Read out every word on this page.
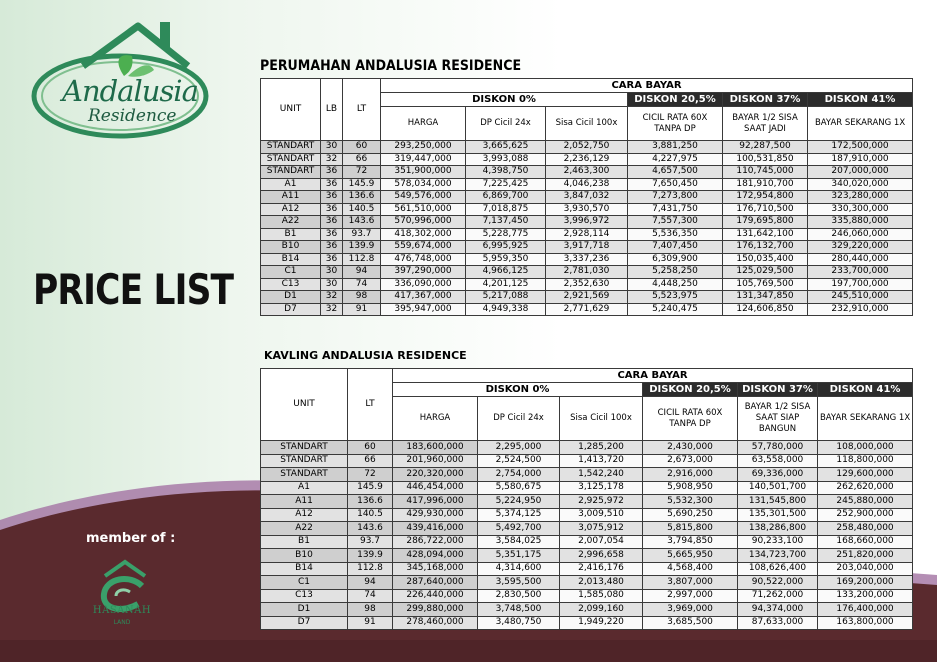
Andalusia
Residence
PRICE LIST
member of :
HASANAH
LAND
PERUMAHAN ANDALUSIA RESIDENCE
UNIT	LB	LT	CARA BAYAR					
			DISKON 0%			DISKON 20,5%	DISKON 37%	DISKON 41%
			HARGA	DP Cicil 24x	Sisa Cicil 100x	CICIL RATA 60X TANPA DP	BAYAR 1/2 SISA SAAT JADI	BAYAR SEKARANG 1X
STANDART	30	60	293,250,000	3,665,625	2,052,750	3,881,250	92,287,500	172,500,000
STANDART	32	66	319,447,000	3,993,088	2,236,129	4,227,975	100,531,850	187,910,000
STANDART	36	72	351,900,000	4,398,750	2,463,300	4,657,500	110,745,000	207,000,000
A1	36	145.9	578,034,000	7,225,425	4,046,238	7,650,450	181,910,700	340,020,000
A11	36	136.6	549,576,000	6,869,700	3,847,032	7,273,800	172,954,800	323,280,000
A12	36	140.5	561,510,000	7,018,875	3,930,570	7,431,750	176,710,500	330,300,000
A22	36	143.6	570,996,000	7,137,450	3,996,972	7,557,300	179,695,800	335,880,000
B1	36	93.7	418,302,000	5,228,775	2,928,114	5,536,350	131,642,100	246,060,000
B10	36	139.9	559,674,000	6,995,925	3,917,718	7,407,450	176,132,700	329,220,000
B14	36	112.8	476,748,000	5,959,350	3,337,236	6,309,900	150,035,400	280,440,000
C1	30	94	397,290,000	4,966,125	2,781,030	5,258,250	125,029,500	233,700,000
C13	30	74	336,090,000	4,201,125	2,352,630	4,448,250	105,769,500	197,700,000
D1	32	98	417,367,000	5,217,088	2,921,569	5,523,975	131,347,850	245,510,000
D7	32	91	395,947,000	4,949,338	2,771,629	5,240,475	124,606,850	232,910,000
KAVLING ANDALUSIA RESIDENCE
UNIT	LT	CARA BAYAR					
		DISKON 0%			DISKON 20,5%	DISKON 37%	DISKON 41%
		HARGA	DP Cicil 24x	Sisa Cicil 100x	CICIL RATA 60X TANPA DP	BAYAR 1/2 SISA SAAT SIAP BANGUN	BAYAR SEKARANG 1X
STANDART	60	183,600,000	2,295,000	1,285,200	2,430,000	57,780,000	108,000,000
STANDART	66	201,960,000	2,524,500	1,413,720	2,673,000	63,558,000	118,800,000
STANDART	72	220,320,000	2,754,000	1,542,240	2,916,000	69,336,000	129,600,000
A1	145.9	446,454,000	5,580,675	3,125,178	5,908,950	140,501,700	262,620,000
A11	136.6	417,996,000	5,224,950	2,925,972	5,532,300	131,545,800	245,880,000
A12	140.5	429,930,000	5,374,125	3,009,510	5,690,250	135,301,500	252,900,000
A22	143.6	439,416,000	5,492,700	3,075,912	5,815,800	138,286,800	258,480,000
B1	93.7	286,722,000	3,584,025	2,007,054	3,794,850	90,233,100	168,660,000
B10	139.9	428,094,000	5,351,175	2,996,658	5,665,950	134,723,700	251,820,000
B14	112.8	345,168,000	4,314,600	2,416,176	4,568,400	108,626,400	203,040,000
C1	94	287,640,000	3,595,500	2,013,480	3,807,000	90,522,000	169,200,000
C13	74	226,440,000	2,830,500	1,585,080	2,997,000	71,262,000	133,200,000
D1	98	299,880,000	3,748,500	2,099,160	3,969,000	94,374,000	176,400,000
D7	91	278,460,000	3,480,750	1,949,220	3,685,500	87,633,000	163,800,000
